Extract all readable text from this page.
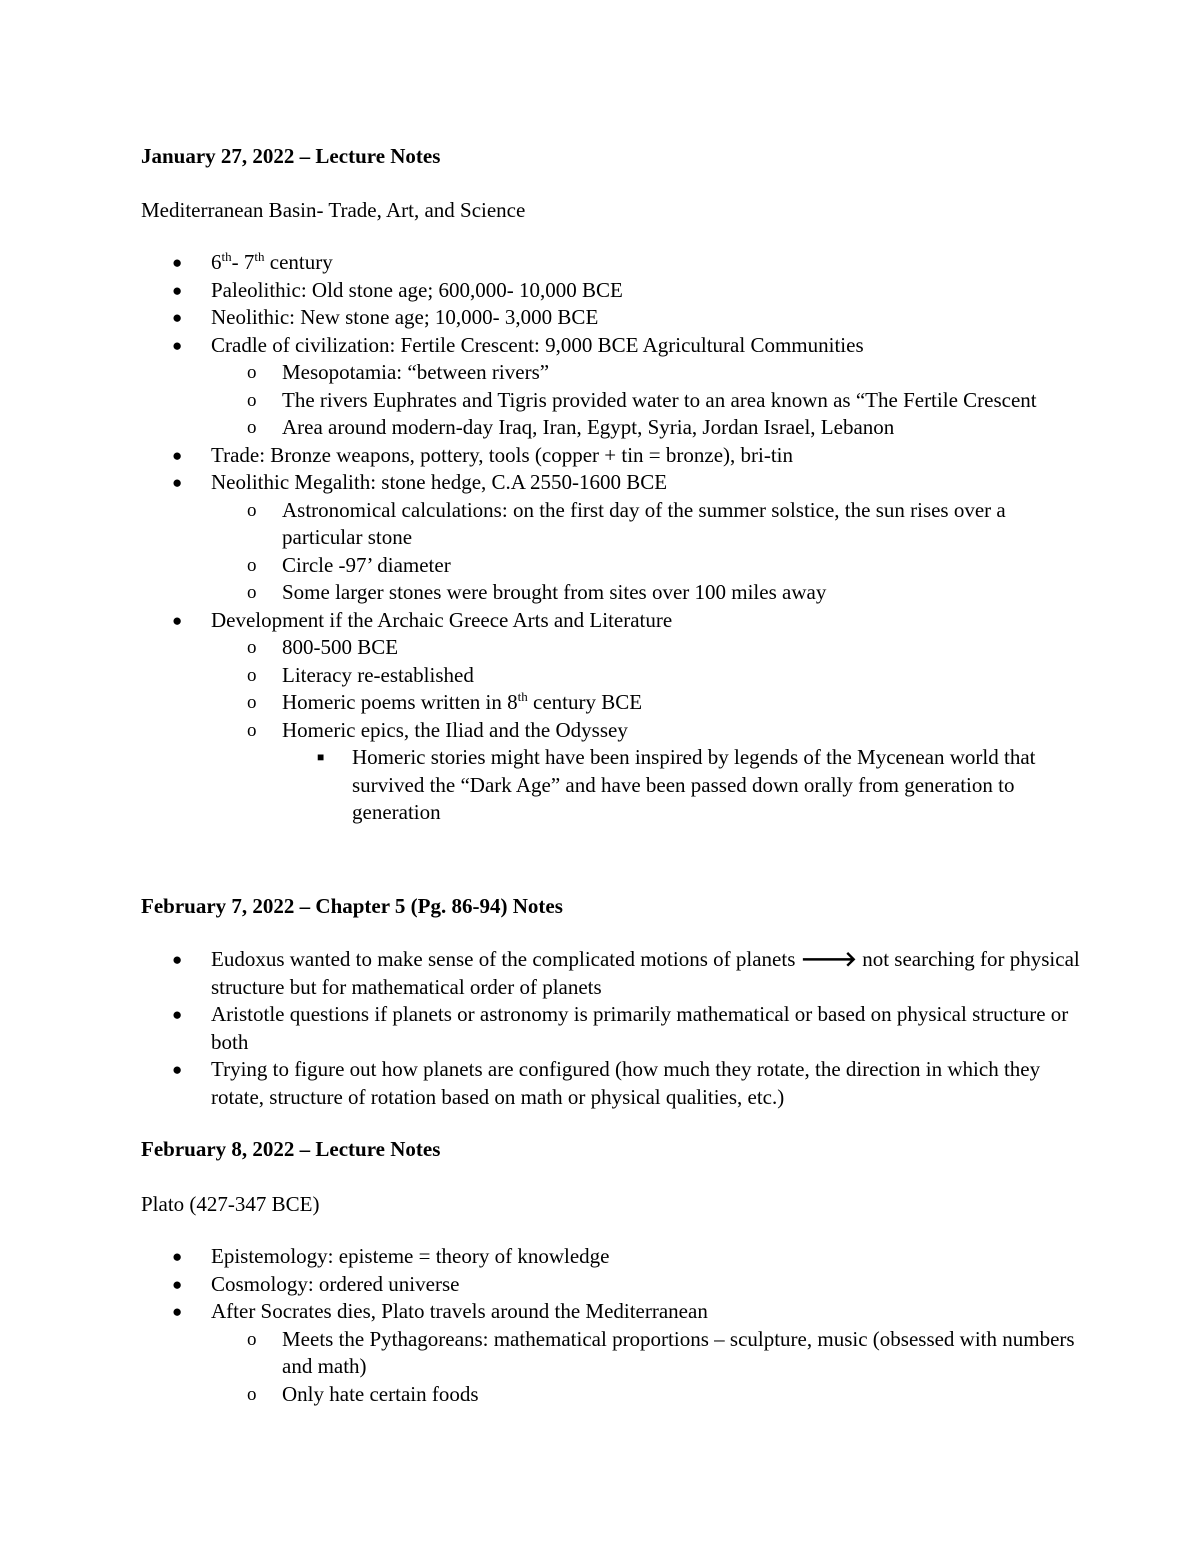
January 27, 2022 – Lecture Notes

Mediterranean Basin- Trade, Art, and Science

● 6th- 7th century
● Paleolithic: Old stone age; 600,000- 10,000 BCE
● Neolithic: New stone age; 10,000- 3,000 BCE
● Cradle of civilization: Fertile Crescent: 9,000 BCE Agricultural Communities
o Mesopotamia: “between rivers”
o The rivers Euphrates and Tigris provided water to an area known as “The Fertile Crescent
o Area around modern-day Iraq, Iran, Egypt, Syria, Jordan Israel, Lebanon
● Trade: Bronze weapons, pottery, tools (copper + tin = bronze), bri-tin
● Neolithic Megalith: stone hedge, C.A 2550-1600 BCE
o Astronomical calculations: on the first day of the summer solstice, the sun rises over a particular stone
o Circle -97’ diameter
o Some larger stones were brought from sites over 100 miles away
● Development if the Archaic Greece Arts and Literature
o 800-500 BCE
o Literacy re-established
o Homeric poems written in 8th century BCE
o Homeric epics, the Iliad and the Odyssey
■ Homeric stories might have been inspired by legends of the Mycenean world that survived the “Dark Age” and have been passed down orally from generation to generation

February 7, 2022 – Chapter 5 (Pg. 86-94) Notes

● Eudoxus wanted to make sense of the complicated motions of planets 🡒 not searching for physical structure but for mathematical order of planets
● Aristotle questions if planets or astronomy is primarily mathematical or based on physical structure or both
● Trying to figure out how planets are configured (how much they rotate, the direction in which they rotate, structure of rotation based on math or physical qualities, etc.)

February 8, 2022 – Lecture Notes

Plato (427-347 BCE)

● Epistemology: episteme = theory of knowledge
● Cosmology: ordered universe
● After Socrates dies, Plato travels around the Mediterranean
o Meets the Pythagoreans: mathematical proportions – sculpture, music (obsessed with numbers and math)
o Only hate certain foods
